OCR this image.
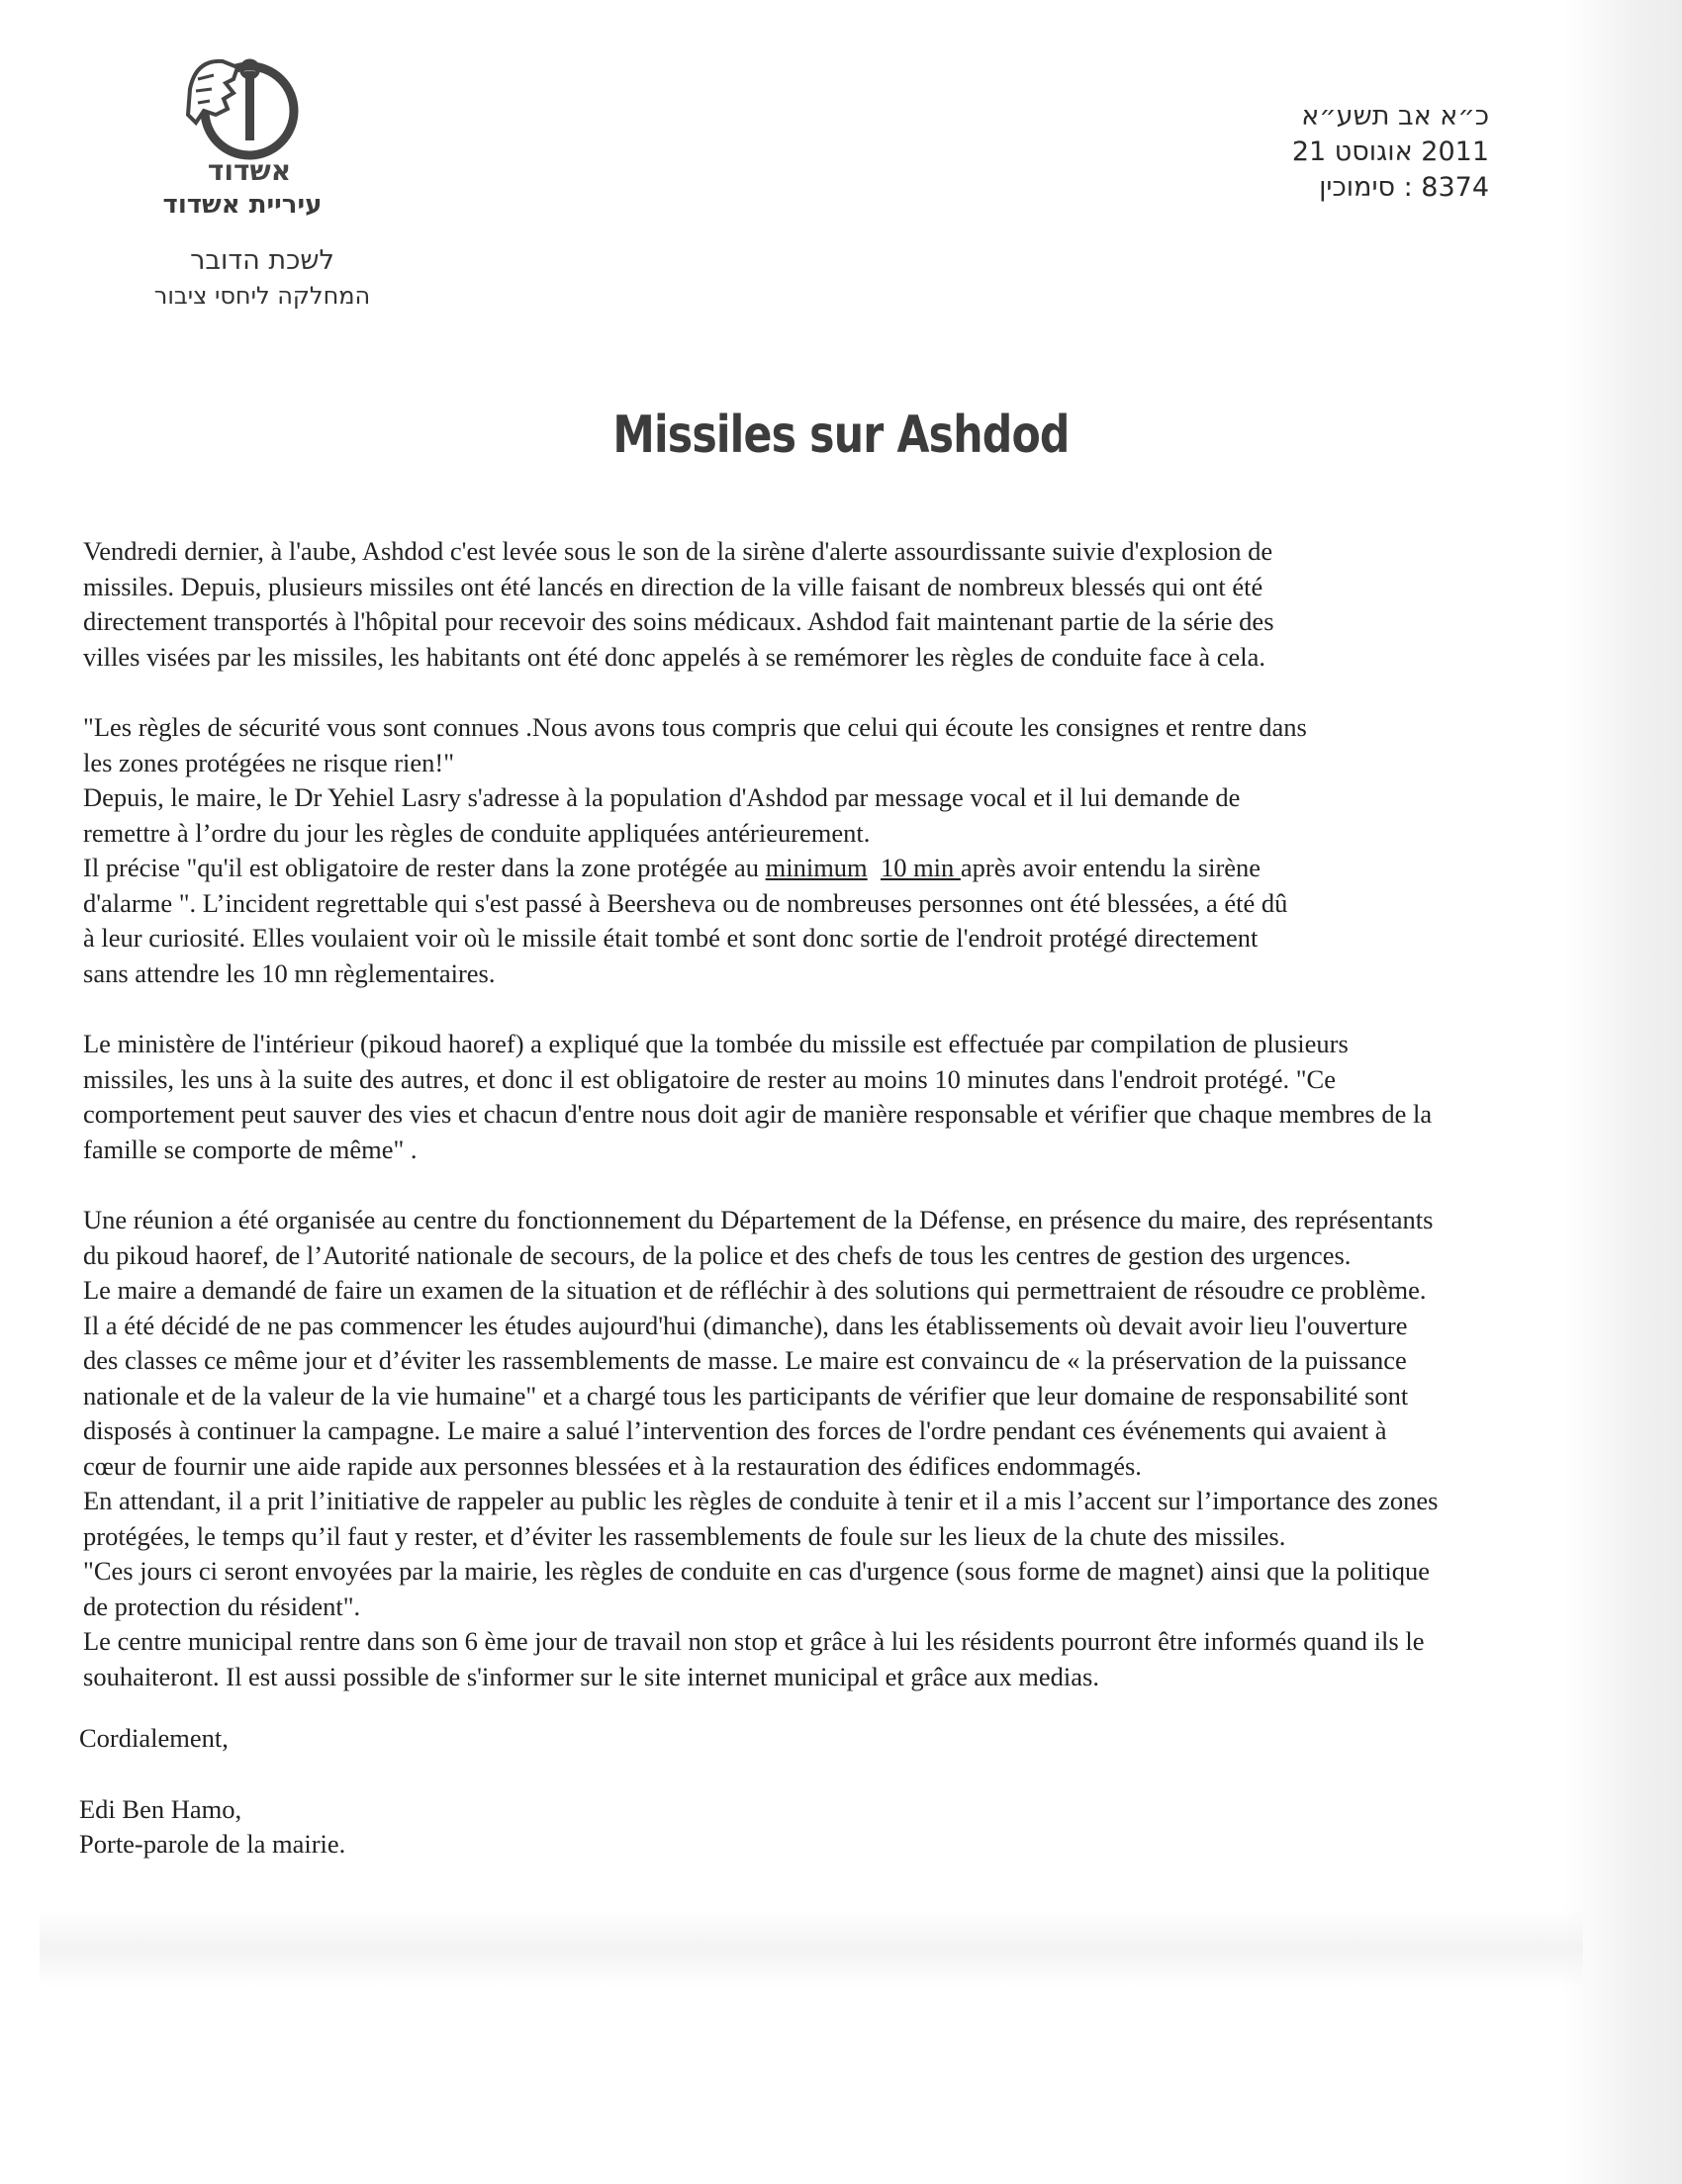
אשדוד
עיריית אשדוד
לשכת הדובר
המחלקה ליחסי ציבור
כ״א אב תשע״א
2011 אוגוסט 21
8374 : סימוכין
Missiles sur Ashdod
Vendredi dernier, à l'aube, Ashdod c'est levée sous le son de la sirène d'alerte assourdissante suivie d'explosion de
missiles. Depuis, plusieurs missiles ont été lancés en direction de la ville faisant de nombreux blessés qui ont été
directement transportés à l'hôpital pour recevoir des soins médicaux. Ashdod fait maintenant partie de la série des
villes visées par les missiles, les habitants ont été donc appelés à se remémorer les règles de conduite face à cela.
"Les règles de sécurité vous sont connues .Nous avons tous compris que celui qui écoute les consignes et rentre dans
les zones protégées ne risque rien!"
Depuis, le maire, le Dr Yehiel Lasry s'adresse à la population d'Ashdod par message vocal et il lui demande de
remettre à l’ordre du jour les règles de conduite appliquées antérieurement.
Il précise "qu'il est obligatoire de rester dans la zone protégée au minimum 10 min après avoir entendu la sirène
d'alarme ". L’incident regrettable qui s'est passé à Beersheva ou de nombreuses personnes ont été blessées, a été dû
à leur curiosité. Elles voulaient voir où le missile était tombé et sont donc sortie de l'endroit protégé directement
sans attendre les 10 mn règlementaires.
Le ministère de l'intérieur (pikoud haoref) a expliqué que la tombée du missile est effectuée par compilation de plusieurs
missiles, les uns à la suite des autres, et donc il est obligatoire de rester au moins 10 minutes dans l'endroit protégé. "Ce
comportement peut sauver des vies et chacun d'entre nous doit agir de manière responsable et vérifier que chaque membres de la
famille se comporte de même" .
Une réunion a été organisée au centre du fonctionnement du Département de la Défense, en présence du maire, des représentants
du pikoud haoref, de l’Autorité nationale de secours, de la police et des chefs de tous les centres de gestion des urgences.
Le maire a demandé de faire un examen de la situation et de réfléchir à des solutions qui permettraient de résoudre ce problème.
Il a été décidé de ne pas commencer les études aujourd'hui (dimanche), dans les établissements où devait avoir lieu l'ouverture
des classes ce même jour et d’éviter les rassemblements de masse. Le maire est convaincu de « la préservation de la puissance
nationale et de la valeur de la vie humaine" et a chargé tous les participants de vérifier que leur domaine de responsabilité sont
disposés à continuer la campagne. Le maire a salué l’intervention des forces de l'ordre pendant ces événements qui avaient à
cœur de fournir une aide rapide aux personnes blessées et à la restauration des édifices endommagés.
En attendant, il a prit l’initiative de rappeler au public les règles de conduite à tenir et il a mis l’accent sur l’importance des zones
protégées, le temps qu’il faut y rester, et d’éviter les rassemblements de foule sur les lieux de la chute des missiles.
"Ces jours ci seront envoyées par la mairie, les règles de conduite en cas d'urgence (sous forme de magnet) ainsi que la politique
de protection du résident".
Le centre municipal rentre dans son 6 ème jour de travail non stop et grâce à lui les résidents pourront être informés quand ils le
souhaiteront. Il est aussi possible de s'informer sur le site internet municipal et grâce aux medias.
Cordialement,
Edi Ben Hamo,
Porte-parole de la mairie.
